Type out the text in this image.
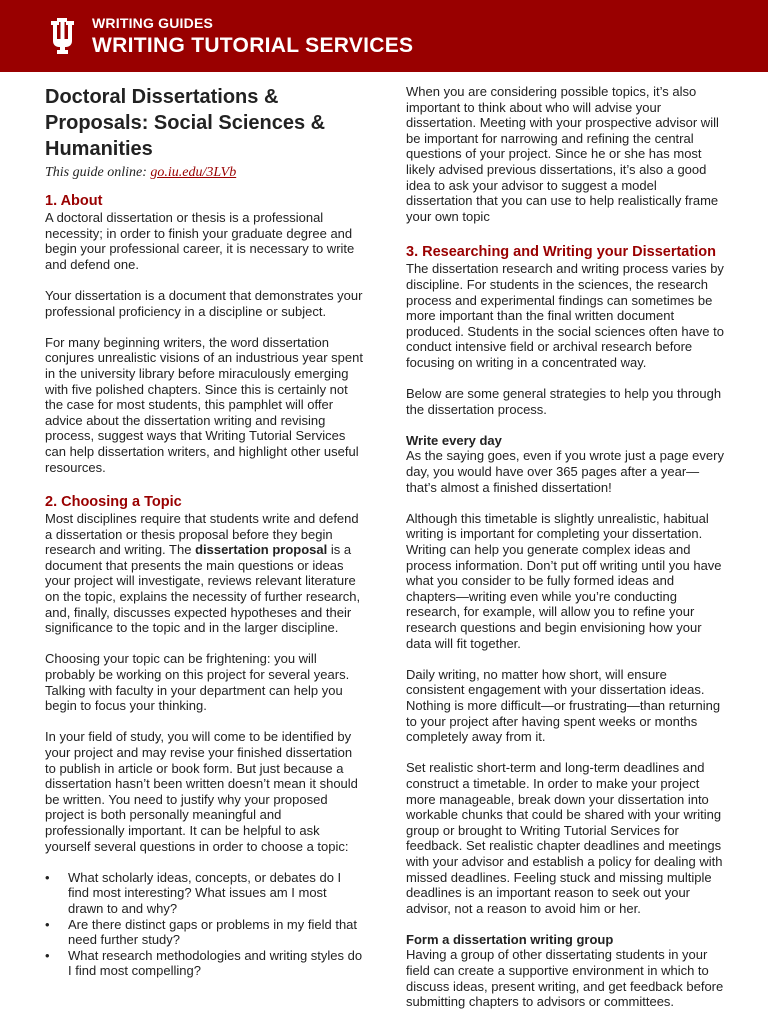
WRITING GUIDES
WRITING TUTORIAL SERVICES
Doctoral Dissertations & Proposals: Social Sciences & Humanities
This guide online: go.iu.edu/3LVb
1. About

A doctoral dissertation or thesis is a professional necessity; in order to finish your graduate degree and begin your professional career, it is necessary to write and defend one.

Your dissertation is a document that demonstrates your professional proficiency in a discipline or subject.

For many beginning writers, the word dissertation conjures unrealistic visions of an industrious year spent in the university library before miraculously emerging with five polished chapters. Since this is certainly not the case for most students, this pamphlet will offer advice about the dissertation writing and revising process, suggest ways that Writing Tutorial Services can help dissertation writers, and highlight other useful resources.

2. Choosing a Topic

Most disciplines require that students write and defend a dissertation or thesis proposal before they begin research and writing. The dissertation proposal is a document that presents the main questions or ideas your project will investigate, reviews relevant literature on the topic, explains the necessity of further research, and, finally, discusses expected hypotheses and their significance to the topic and in the larger discipline.

Choosing your topic can be frightening: you will probably be working on this project for several years. Talking with faculty in your department can help you begin to focus your thinking.

In your field of study, you will come to be identified by your project and may revise your finished dissertation to publish in article or book form. But just because a dissertation hasn’t been written doesn’t mean it should be written. You need to justify why your proposed project is both personally meaningful and professionally important. It can be helpful to ask yourself several questions in order to choose a topic:

• What scholarly ideas, concepts, or debates do I find most interesting? What issues am I most drawn to and why?
• Are there distinct gaps or problems in my field that need further study?
• What research methodologies and writing styles do I find most compelling?

When you are considering possible topics, it’s also important to think about who will advise your dissertation. Meeting with your prospective advisor will be important for narrowing and refining the central questions of your project. Since he or she has most likely advised previous dissertations, it’s also a good idea to ask your advisor to suggest a model dissertation that you can use to help realistically frame your own topic

3. Researching and Writing your Dissertation

The dissertation research and writing process varies by discipline. For students in the sciences, the research process and experimental findings can sometimes be more important than the final written document produced. Students in the social sciences often have to conduct intensive field or archival research before focusing on writing in a concentrated way.

Below are some general strategies to help you through the dissertation process.

Write every day

As the saying goes, even if you wrote just a page every day, you would have over 365 pages after a year—that’s almost a finished dissertation!

Although this timetable is slightly unrealistic, habitual writing is important for completing your dissertation. Writing can help you generate complex ideas and process information. Don’t put off writing until you have what you consider to be fully formed ideas and chapters—writing even while you’re conducting research, for example, will allow you to refine your research questions and begin envisioning how your data will fit together.

Daily writing, no matter how short, will ensure consistent engagement with your dissertation ideas. Nothing is more difficult—or frustrating—than returning to your project after having spent weeks or months completely away from it.

Set realistic short-term and long-term deadlines and construct a timetable. In order to make your project more manageable, break down your dissertation into workable chunks that could be shared with your writing group or brought to Writing Tutorial Services for feedback. Set realistic chapter deadlines and meetings with your advisor and establish a policy for dealing with missed deadlines. Feeling stuck and missing multiple deadlines is an important reason to seek out your advisor, not a reason to avoid him or her.

Form a dissertation writing group

Having a group of other dissertating students in your field can create a supportive environment in which to discuss ideas, present writing, and get feedback before submitting chapters to advisors or committees.
